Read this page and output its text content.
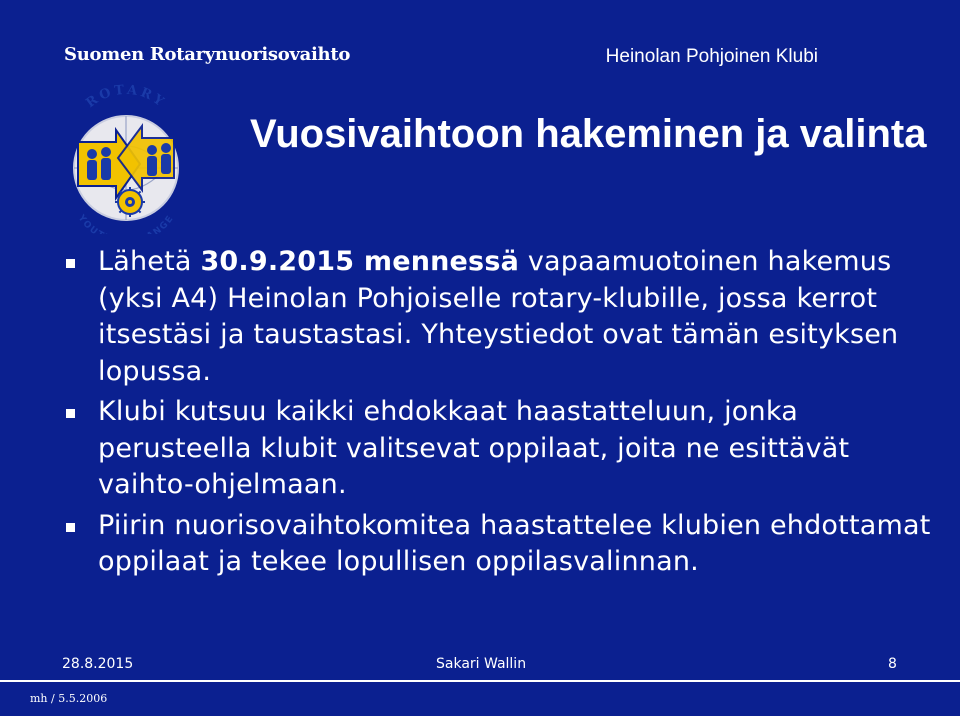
Suomen Rotarynuorisovaihto	Heinolan Pohjoinen Klubi
ROTARY
YOU NGE
Vuosivaihtoon hakeminen ja valinta
Lähetä 30.9.2015 mennessä vapaamuotoinen hakemus (yksi A4) Heinolan Pohjoiselle rotary-klubille, jossa kerrot itsestäsi ja taustastasi. Yhteystiedot ovat tämän esityksen lopussa.
Klubi kutsuu kaikki ehdokkaat haastatteluun, jonka perusteella klubit valitsevat oppilaat, joita ne esittävät vaihto-ohjelmaan.
Piirin nuorisovaihtokomitea haastattelee klubien ehdottamat oppilaat ja tekee lopullisen oppilasvalinnan.
28.8.2015	Sakari Wallin	8
mh / 5.5.2006
